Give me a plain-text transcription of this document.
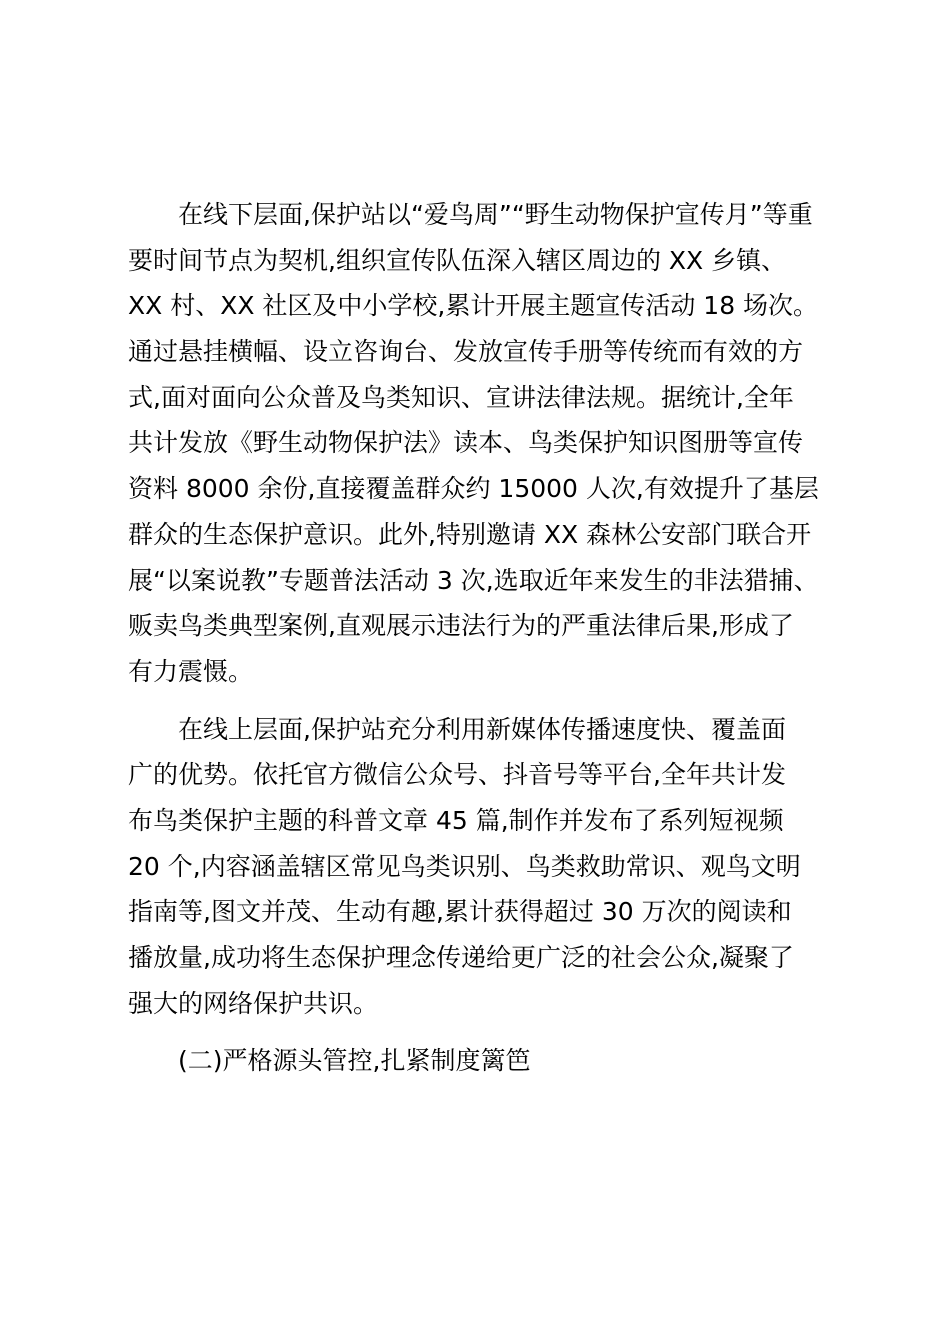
在线下层面,保护站以“爱鸟周”“野生动物保护宣传月”等重
要时间节点为契机,组织宣传队伍深入辖区周边的 XX 乡镇、
XX 村、XX 社区及中小学校,累计开展主题宣传活动 18 场次。
通过悬挂横幅、设立咨询台、发放宣传手册等传统而有效的方
式,面对面向公众普及鸟类知识、宣讲法律法规。据统计,全年
共计发放《野生动物保护法》读本、鸟类保护知识图册等宣传
资料 8000 余份,直接覆盖群众约 15000 人次,有效提升了基层
群众的生态保护意识。此外,特别邀请 XX 森林公安部门联合开
展“以案说教”专题普法活动 3 次,选取近年来发生的非法猎捕、
贩卖鸟类典型案例,直观展示违法行为的严重法律后果,形成了
有力震慑。
在线上层面,保护站充分利用新媒体传播速度快、覆盖面
广的优势。依托官方微信公众号、抖音号等平台,全年共计发
布鸟类保护主题的科普文章 45 篇,制作并发布了系列短视频
20 个,内容涵盖辖区常见鸟类识别、鸟类救助常识、观鸟文明
指南等,图文并茂、生动有趣,累计获得超过 30 万次的阅读和
播放量,成功将生态保护理念传递给更广泛的社会公众,凝聚了
强大的网络保护共识。
(二)严格源头管控,扎紧制度篱笆
